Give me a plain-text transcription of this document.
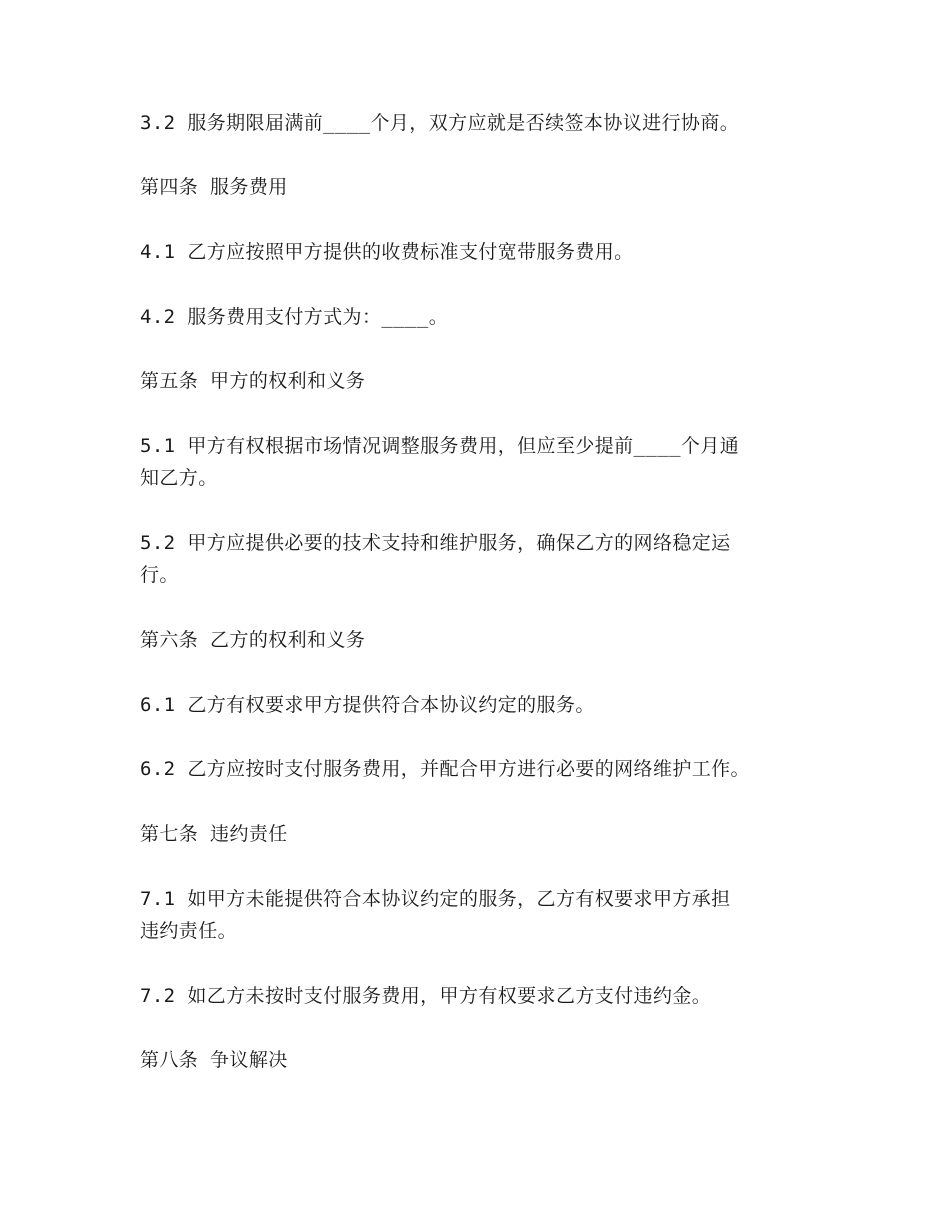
3.2 服务期限届满前____个月，双方应就是否续签本协议进行协商。
第四条 服务费用
4.1 乙方应按照甲方提供的收费标准支付宽带服务费用。
4.2 服务费用支付方式为：____。
第五条 甲方的权利和义务
5.1 甲方有权根据市场情况调整服务费用，但应至少提前____个月通
知乙方。
5.2 甲方应提供必要的技术支持和维护服务，确保乙方的网络稳定运
行。
第六条 乙方的权利和义务
6.1 乙方有权要求甲方提供符合本协议约定的服务。
6.2 乙方应按时支付服务费用，并配合甲方进行必要的网络维护工作。
第七条 违约责任
7.1 如甲方未能提供符合本协议约定的服务，乙方有权要求甲方承担
违约责任。
7.2 如乙方未按时支付服务费用，甲方有权要求乙方支付违约金。
第八条 争议解决
